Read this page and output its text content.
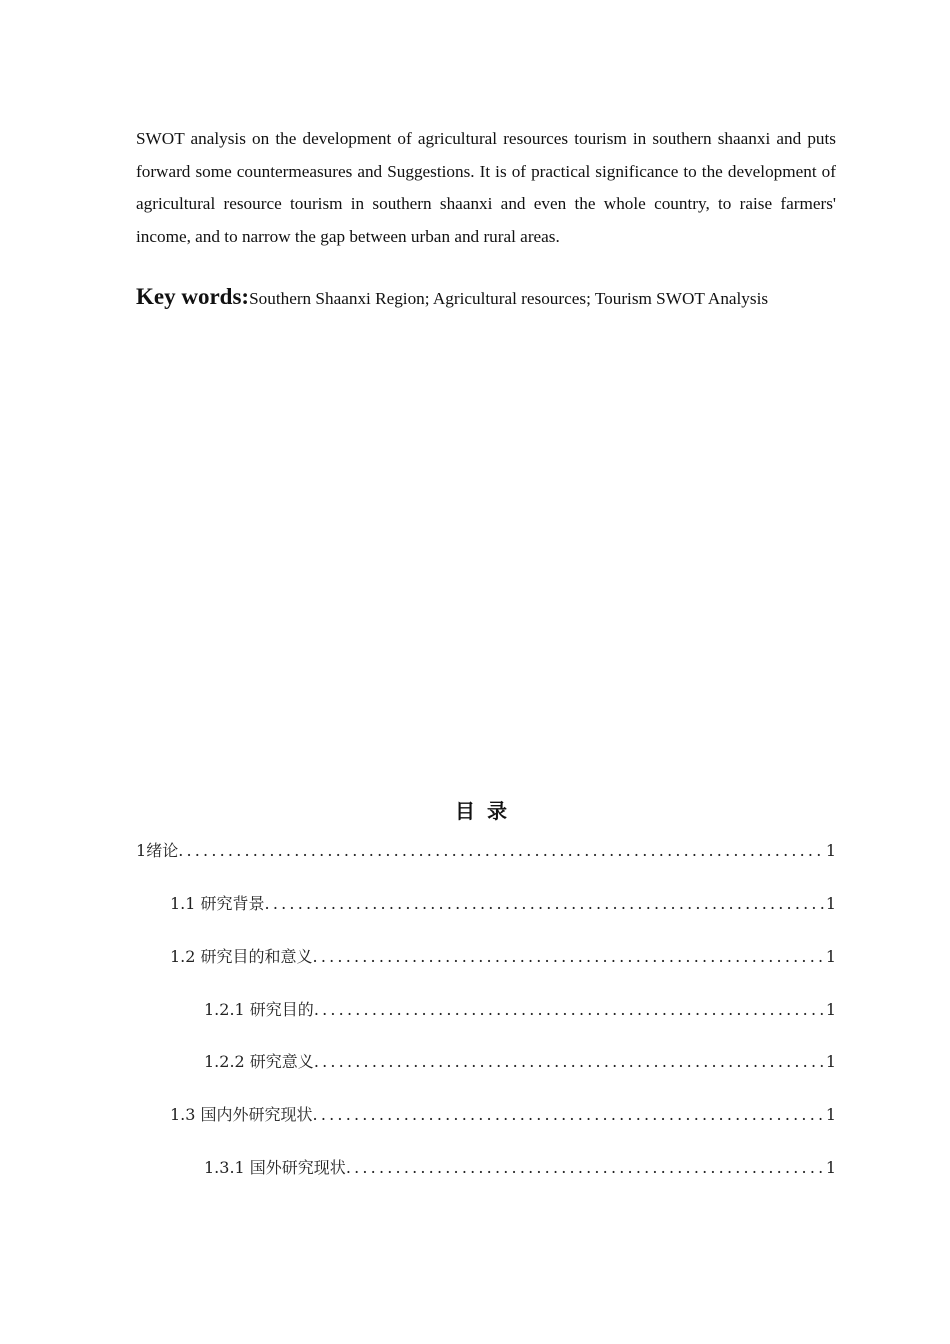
SWOT analysis on the development of agricultural resources tourism in southern shaanxi and puts forward some countermeasures and Suggestions. It is of practical significance to the development of agricultural resource tourism in southern shaanxi and even the whole country, to raise farmers' income, and to narrow the gap between urban and rural areas.

Key words:Southern Shaanxi Region; Agricultural resources; Tourism SWOT Analysis

目录
1 绪论 .....	1
1.1 研究背景 .....	1
1.2 研究目的和意义 .....	1
1.2.1 研究目的 .....	1
1.2.2 研究意义 .....	1
1.3 国内外研究现状 .....	1
1.3.1 国外研究现状 .....	1
